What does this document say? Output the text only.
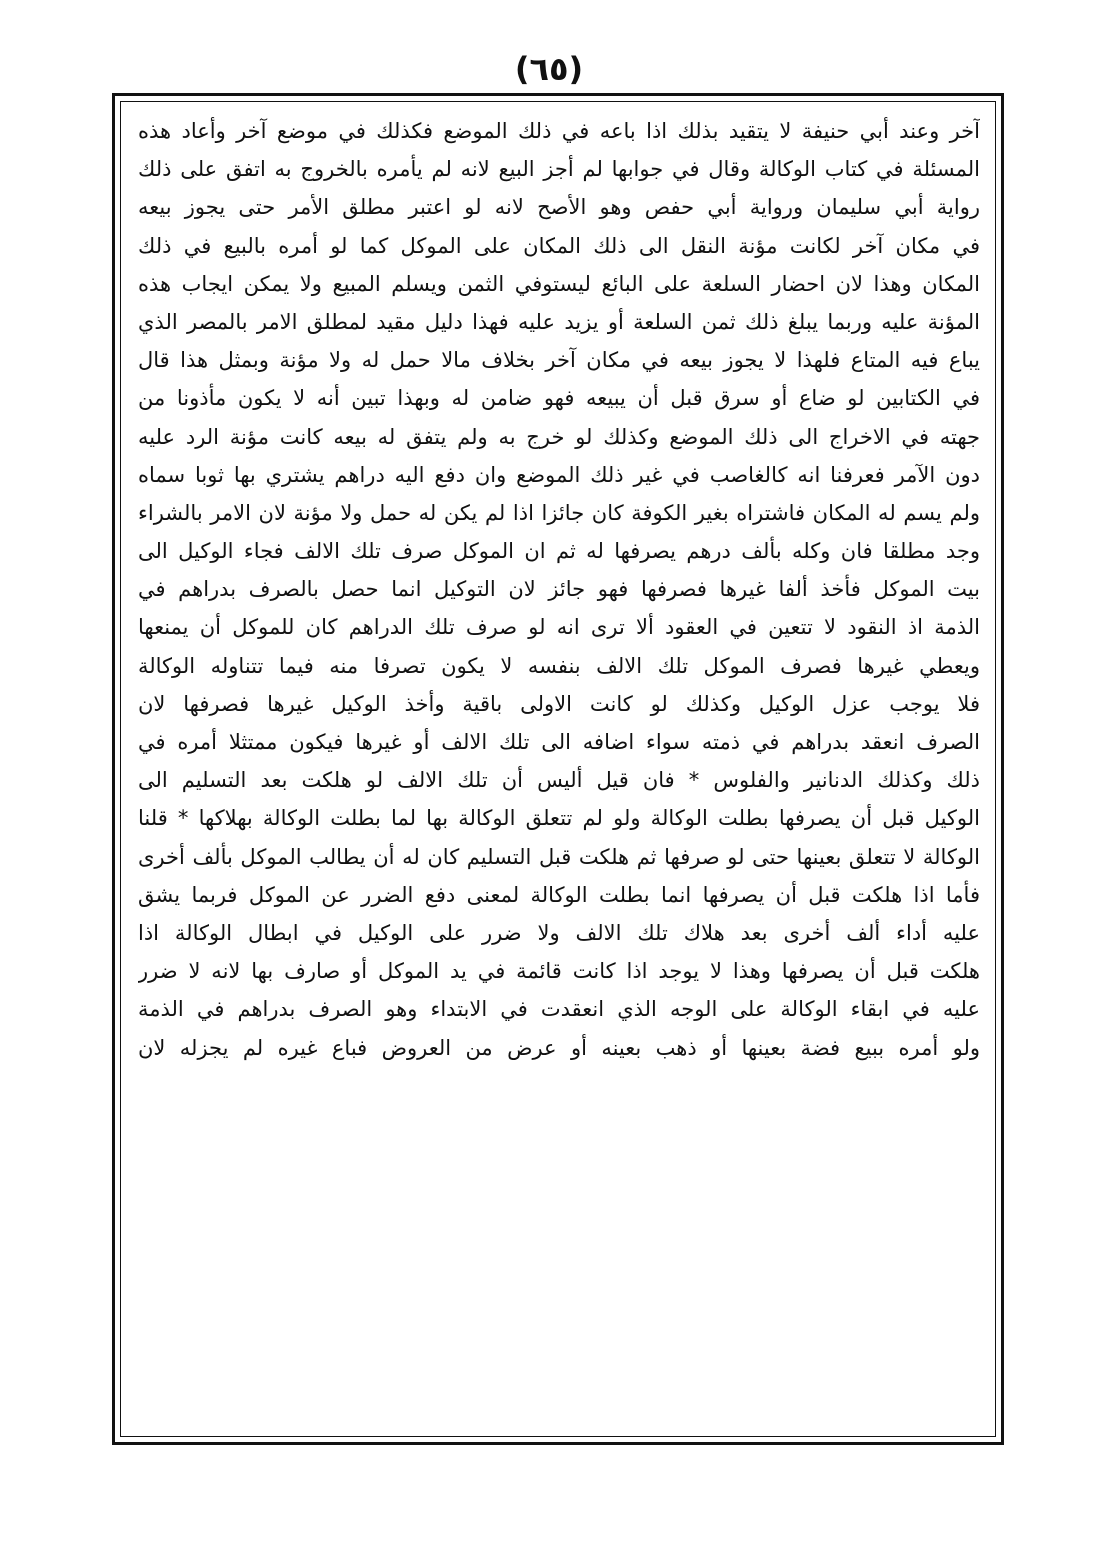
(٦٥)
آخر وعند أبي حنيفة لا يتقيد بذلك اذا باعه في ذلك الموضع فكذلك في موضع آخر وأعاد هذه
المسئلة في كتاب الوكالة وقال في جوابها لم أجز البيع لانه لم يأمره بالخروج به اتفق على ذلك
رواية أبي سليمان ورواية أبي حفص وهو الأصح لانه لو اعتبر مطلق الأمر حتى يجوز بيعه
في مكان آخر لكانت مؤنة النقل الى ذلك المكان على الموكل كما لو أمره بالبيع في ذلك
المكان وهذا لان احضار السلعة على البائع ليستوفي الثمن ويسلم المبيع ولا يمكن ايجاب هذه
المؤنة عليه وربما يبلغ ذلك ثمن السلعة أو يزيد عليه فهذا دليل مقيد لمطلق الامر بالمصر الذي
يباع فيه المتاع فلهذا لا يجوز بيعه في مكان آخر بخلاف مالا حمل له ولا مؤنة وبمثل هذا قال
في الكتابين لو ضاع أو سرق قبل أن يبيعه فهو ضامن له وبهذا تبين أنه لا يكون مأذونا من
جهته في الاخراج الى ذلك الموضع وكذلك لو خرج به ولم يتفق له بيعه كانت مؤنة الرد عليه
دون الآمر فعرفنا انه كالغاصب في غير ذلك الموضع وان دفع اليه دراهم يشتري بها ثوبا سماه
ولم يسم له المكان فاشتراه بغير الكوفة كان جائزا اذا لم يكن له حمل ولا مؤنة لان الامر بالشراء
وجد مطلقا فان وكله بألف درهم يصرفها له ثم ان الموكل صرف تلك الالف فجاء الوكيل الى
بيت الموكل فأخذ ألفا غيرها فصرفها فهو جائز لان التوكيل انما حصل بالصرف بدراهم في
الذمة اذ النقود لا تتعين في العقود ألا ترى انه لو صرف تلك الدراهم كان للموكل أن يمنعها
ويعطي غيرها فصرف الموكل تلك الالف بنفسه لا يكون تصرفا منه فيما تتناوله الوكالة
فلا يوجب عزل الوكيل وكذلك لو كانت الاولى باقية وأخذ الوكيل غيرها فصرفها لان
الصرف انعقد بدراهم في ذمته سواء اضافه الى تلك الالف أو غيرها فيكون ممتثلا أمره في
ذلك وكذلك الدنانير والفلوس * فان قيل أليس أن تلك الالف لو هلكت بعد التسليم الى
الوكيل قبل أن يصرفها بطلت الوكالة ولو لم تتعلق الوكالة بها لما بطلت الوكالة بهلاكها * قلنا
الوكالة لا تتعلق بعينها حتى لو صرفها ثم هلكت قبل التسليم كان له أن يطالب الموكل بألف أخرى
فأما اذا هلكت قبل أن يصرفها انما بطلت الوكالة لمعنى دفع الضرر عن الموكل فربما يشق
عليه أداء ألف أخرى بعد هلاك تلك الالف ولا ضرر على الوكيل في ابطال الوكالة اذا
هلكت قبل أن يصرفها وهذا لا يوجد اذا كانت قائمة في يد الموكل أو صارف بها لانه لا ضرر
عليه في ابقاء الوكالة على الوجه الذي انعقدت في الابتداء وهو الصرف بدراهم في الذمة
ولو أمره ببيع فضة بعينها أو ذهب بعينه أو عرض من العروض فباع غيره لم يجزله لان
